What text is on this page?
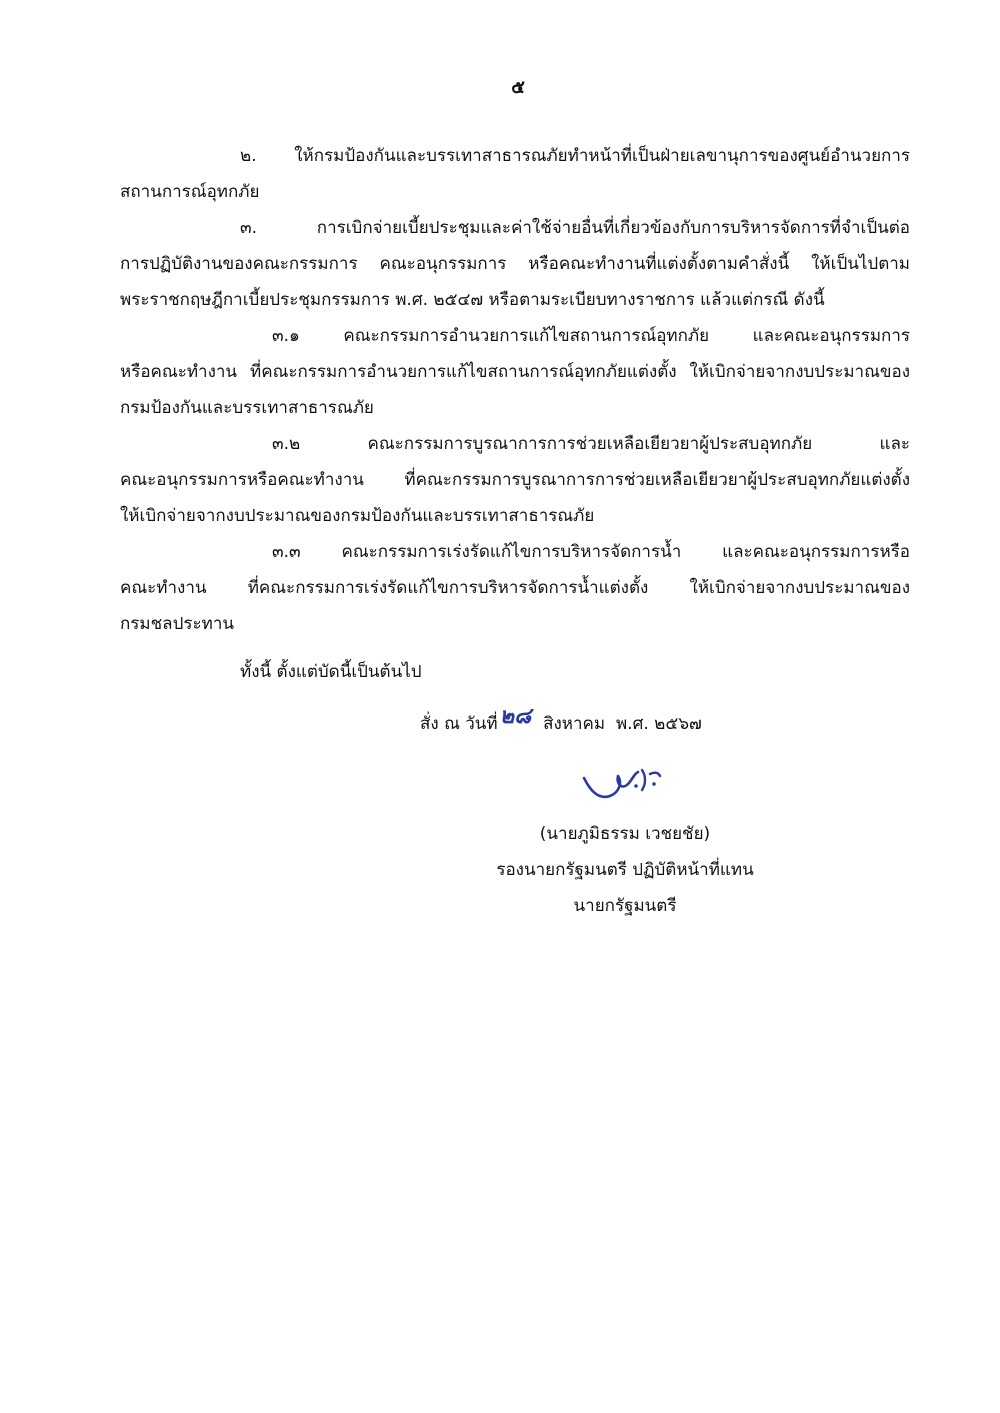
๕
๒. ให้กรมป้องกันและบรรเทาสาธารณภัยทำหน้าที่เป็นฝ่ายเลขานุการของศูนย์อำนวยการ
สถานการณ์อุทกภัย
๓. การเบิกจ่ายเบี้ยประชุมและค่าใช้จ่ายอื่นที่เกี่ยวข้องกับการบริหารจัดการที่จำเป็นต่อ
การปฏิบัติงานของคณะกรรมการ คณะอนุกรรมการ หรือคณะทำงานที่แต่งตั้งตามคำสั่งนี้ ให้เป็นไปตาม
พระราชกฤษฎีกาเบี้ยประชุมกรรมการ พ.ศ. ๒๕๔๗ หรือตามระเบียบทางราชการ แล้วแต่กรณี ดังนี้
๓.๑ คณะกรรมการอำนวยการแก้ไขสถานการณ์อุทกภัย และคณะอนุกรรมการ
หรือคณะทำงาน ที่คณะกรรมการอำนวยการแก้ไขสถานการณ์อุทกภัยแต่งตั้ง ให้เบิกจ่ายจากงบประมาณของ
กรมป้องกันและบรรเทาสาธารณภัย
๓.๒ คณะกรรมการบูรณาการการช่วยเหลือเยียวยาผู้ประสบอุทกภัย และ
คณะอนุกรรมการหรือคณะทำงาน ที่คณะกรรมการบูรณาการการช่วยเหลือเยียวยาผู้ประสบอุทกภัยแต่งตั้ง
ให้เบิกจ่ายจากงบประมาณของกรมป้องกันและบรรเทาสาธารณภัย
๓.๓ คณะกรรมการเร่งรัดแก้ไขการบริหารจัดการน้ำ และคณะอนุกรรมการหรือ
คณะทำงาน ที่คณะกรรมการเร่งรัดแก้ไขการบริหารจัดการน้ำแต่งตั้ง ให้เบิกจ่ายจากงบประมาณของ
กรมชลประทาน
ทั้งนี้ ตั้งแต่บัดนี้เป็นต้นไป
สั่ง ณ วันที่๒๘ สิงหาคม พ.ศ. ๒๕๖๗
(นายภูมิธรรม เวชยชัย)
รองนายกรัฐมนตรี ปฏิบัติหน้าที่แทน
นายกรัฐมนตรี
